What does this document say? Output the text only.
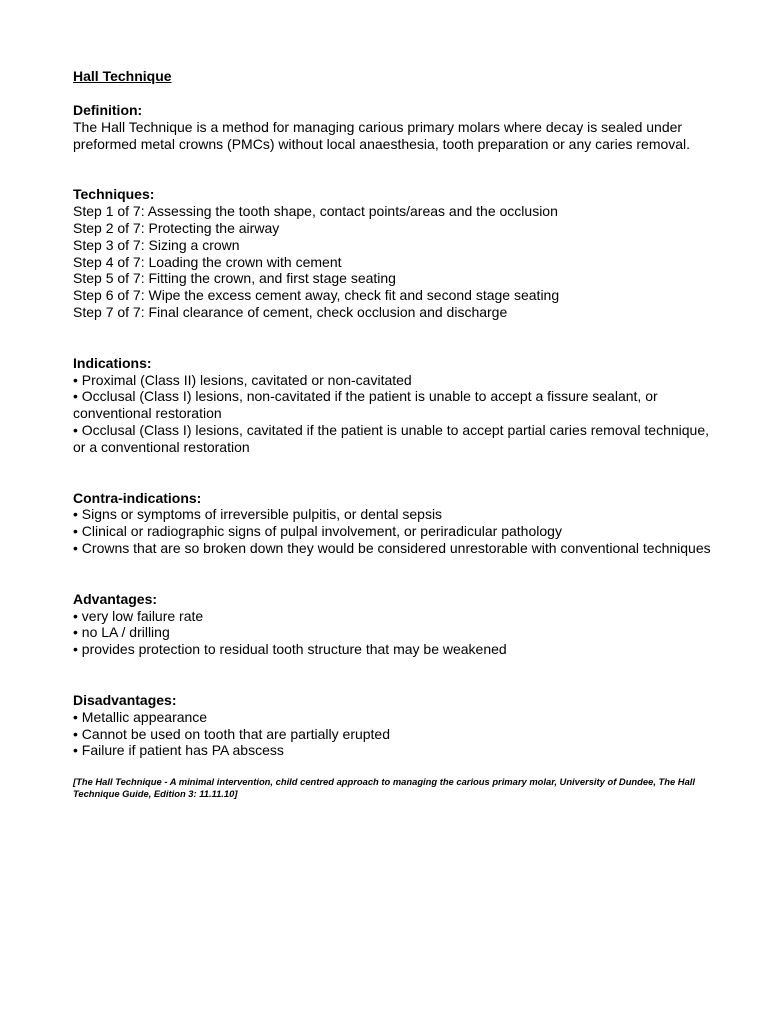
Hall Technique

Definition:

The Hall Technique is a method for managing carious primary molars where decay is sealed under preformed metal crowns (PMCs) without local anaesthesia, tooth preparation or any caries removal.

Techniques:

Step 1 of 7: Assessing the tooth shape, contact points/areas and the occlusion

Step 2 of 7: Protecting the airway

Step 3 of 7: Sizing a crown

Step 4 of 7: Loading the crown with cement

Step 5 of 7: Fitting the crown, and first stage seating

Step 6 of 7: Wipe the excess cement away, check fit and second stage seating

Step 7 of 7: Final clearance of cement, check occlusion and discharge

Indications:

• Proximal (Class II) lesions, cavitated or non-cavitated

• Occlusal (Class I) lesions, non-cavitated if the patient is unable to accept a fissure sealant, or conventional restoration

• Occlusal (Class I) lesions, cavitated if the patient is unable to accept partial caries removal technique, or a conventional restoration

Contra-indications:

• Signs or symptoms of irreversible pulpitis, or dental sepsis

• Clinical or radiographic signs of pulpal involvement, or periradicular pathology

• Crowns that are so broken down they would be considered unrestorable with conventional techniques

Advantages:

• very low failure rate

• no LA / drilling

• provides protection to residual tooth structure that may be weakened

Disadvantages:

• Metallic appearance

• Cannot be used on tooth that are partially erupted

• Failure if patient has PA abscess

[The Hall Technique - A minimal intervention, child centred approach to managing the carious primary molar, University of Dundee, The Hall Technique Guide, Edition 3: 11.11.10]
